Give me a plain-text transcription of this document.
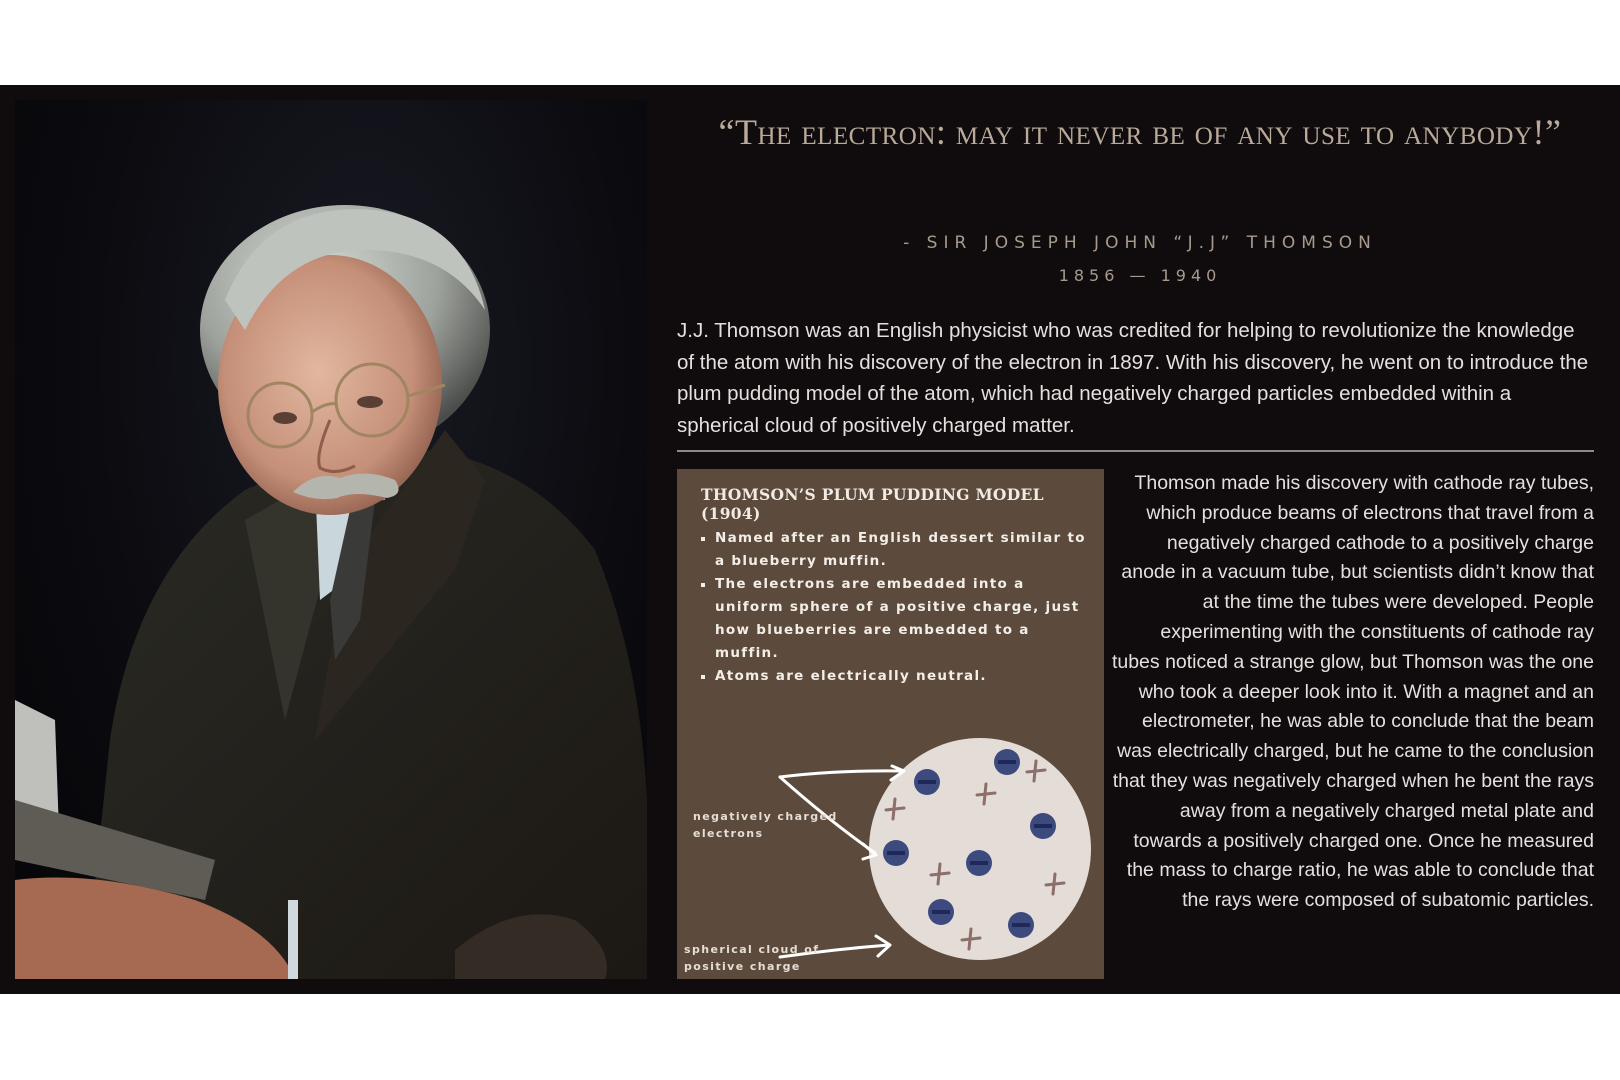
“The electron: may it never be of any use to anybody!”
- SIR JOSEPH JOHN “J.J” THOMSON
1856 — 1940
J.J. Thomson was an English physicist who was credited for helping to revolutionize the knowledge of the atom with his discovery of the electron in 1897. With his discovery, he went on to introduce the plum pudding model of the atom, which had negatively charged particles embedded within a spherical cloud of positively charged matter.
THOMSON’S PLUM PUDDING MODEL (1904)
Named after an English dessert similar to a blueberry muffin.
The electrons are embedded into a uniform sphere of a positive charge, just how blueberries are embedded to a muffin.
Atoms are electrically neutral.
negatively charged
electrons
spherical cloud of
positive charge
Thomson made his discovery with cathode ray tubes, which produce beams of electrons that travel from a negatively charged cathode to a positively charge anode in a vacuum tube, but scientists didn’t know that at the time the tubes were developed. People experimenting with the constituents of cathode ray tubes noticed a strange glow, but Thomson was the one who took a deeper look into it. With a magnet and an electrometer, he was able to conclude that the beam was electrically charged, but he came to the conclusion that they was negatively charged when he bent the rays away from a negatively charged metal plate and towards a positively charged one. Once he measured the mass to charge ratio, he was able to conclude that the rays were composed of subatomic particles.
